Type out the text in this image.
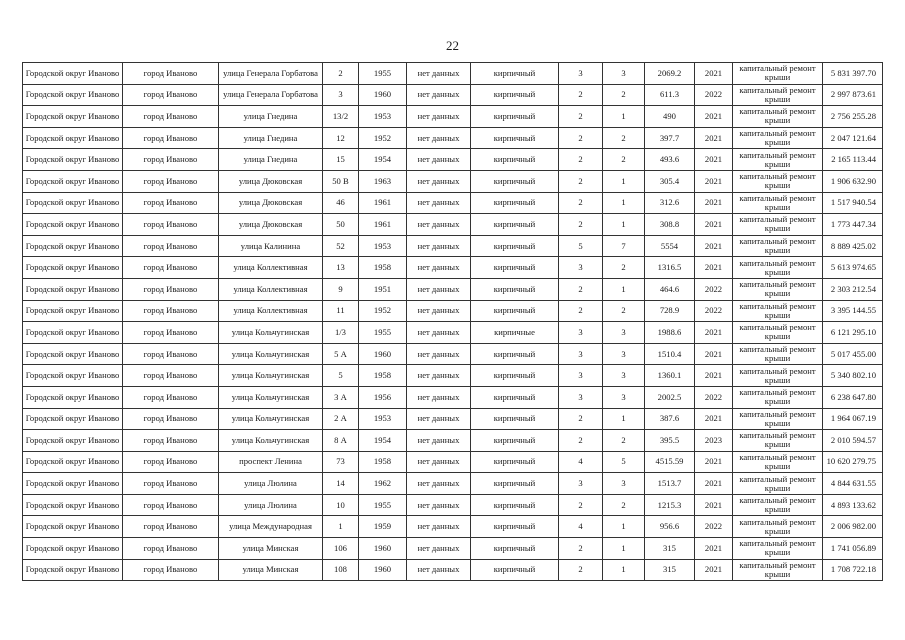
22
Городской округ Иваново	город Иваново	улица Генерала Горбатова	2	1955	нет данных	кирпичный	3	3	2069.2	2021	капитальный ремонт крыши	5 831 397.70
Городской округ Иваново	город Иваново	улица Генерала Горбатова	3	1960	нет данных	кирпичный	2	2	611.3	2022	капитальный ремонт крыши	2 997 873.61
Городской округ Иваново	город Иваново	улица Гнедина	13/2	1953	нет данных	кирпичный	2	1	490	2021	капитальный ремонт крыши	2 756 255.28
Городской округ Иваново	город Иваново	улица Гнедина	12	1952	нет данных	кирпичный	2	2	397.7	2021	капитальный ремонт крыши	2 047 121.64
Городской округ Иваново	город Иваново	улица Гнедина	15	1954	нет данных	кирпичный	2	2	493.6	2021	капитальный ремонт крыши	2 165 113.44
Городской округ Иваново	город Иваново	улица Дюковская	50 В	1963	нет данных	кирпичный	2	1	305.4	2021	капитальный ремонт крыши	1 906 632.90
Городской округ Иваново	город Иваново	улица Дюковская	46	1961	нет данных	кирпичный	2	1	312.6	2021	капитальный ремонт крыши	1 517 940.54
Городской округ Иваново	город Иваново	улица Дюковская	50	1961	нет данных	кирпичный	2	1	308.8	2021	капитальный ремонт крыши	1 773 447.34
Городской округ Иваново	город Иваново	улица Калинина	52	1953	нет данных	кирпичный	5	7	5554	2021	капитальный ремонт крыши	8 889 425.02
Городской округ Иваново	город Иваново	улица Коллективная	13	1958	нет данных	кирпичный	3	2	1316.5	2021	капитальный ремонт крыши	5 613 974.65
Городской округ Иваново	город Иваново	улица Коллективная	9	1951	нет данных	кирпичный	2	1	464.6	2022	капитальный ремонт крыши	2 303 212.54
Городской округ Иваново	город Иваново	улица Коллективная	11	1952	нет данных	кирпичный	2	2	728.9	2022	капитальный ремонт крыши	3 395 144.55
Городской округ Иваново	город Иваново	улица Кольчугинская	1/3	1955	нет данных	кирпичные	3	3	1988.6	2021	капитальный ремонт крыши	6 121 295.10
Городской округ Иваново	город Иваново	улица Кольчугинская	5 А	1960	нет данных	кирпичный	3	3	1510.4	2021	капитальный ремонт крыши	5 017 455.00
Городской округ Иваново	город Иваново	улица Кольчугинская	5	1958	нет данных	кирпичный	3	3	1360.1	2021	капитальный ремонт крыши	5 340 802.10
Городской округ Иваново	город Иваново	улица Кольчугинская	3 А	1956	нет данных	кирпичный	3	3	2002.5	2022	капитальный ремонт крыши	6 238 647.80
Городской округ Иваново	город Иваново	улица Кольчугинская	2 А	1953	нет данных	кирпичный	2	1	387.6	2021	капитальный ремонт крыши	1 964 067.19
Городской округ Иваново	город Иваново	улица Кольчугинская	8 А	1954	нет данных	кирпичный	2	2	395.5	2023	капитальный ремонт крыши	2 010 594.57
Городской округ Иваново	город Иваново	проспект Ленина	73	1958	нет данных	кирпичный	4	5	4515.59	2021	капитальный ремонт крыши	10 620 279.75
Городской округ Иваново	город Иваново	улица Люлина	14	1962	нет данных	кирпичный	3	3	1513.7	2021	капитальный ремонт крыши	4 844 631.55
Городской округ Иваново	город Иваново	улица Люлина	10	1955	нет данных	кирпичный	2	2	1215.3	2021	капитальный ремонт крыши	4 893 133.62
Городской округ Иваново	город Иваново	улица Международная	1	1959	нет данных	кирпичный	4	1	956.6	2022	капитальный ремонт крыши	2 006 982.00
Городской округ Иваново	город Иваново	улица Минская	106	1960	нет данных	кирпичный	2	1	315	2021	капитальный ремонт крыши	1 741 056.89
Городской округ Иваново	город Иваново	улица Минская	108	1960	нет данных	кирпичный	2	1	315	2021	капитальный ремонт крыши	1 708 722.18
